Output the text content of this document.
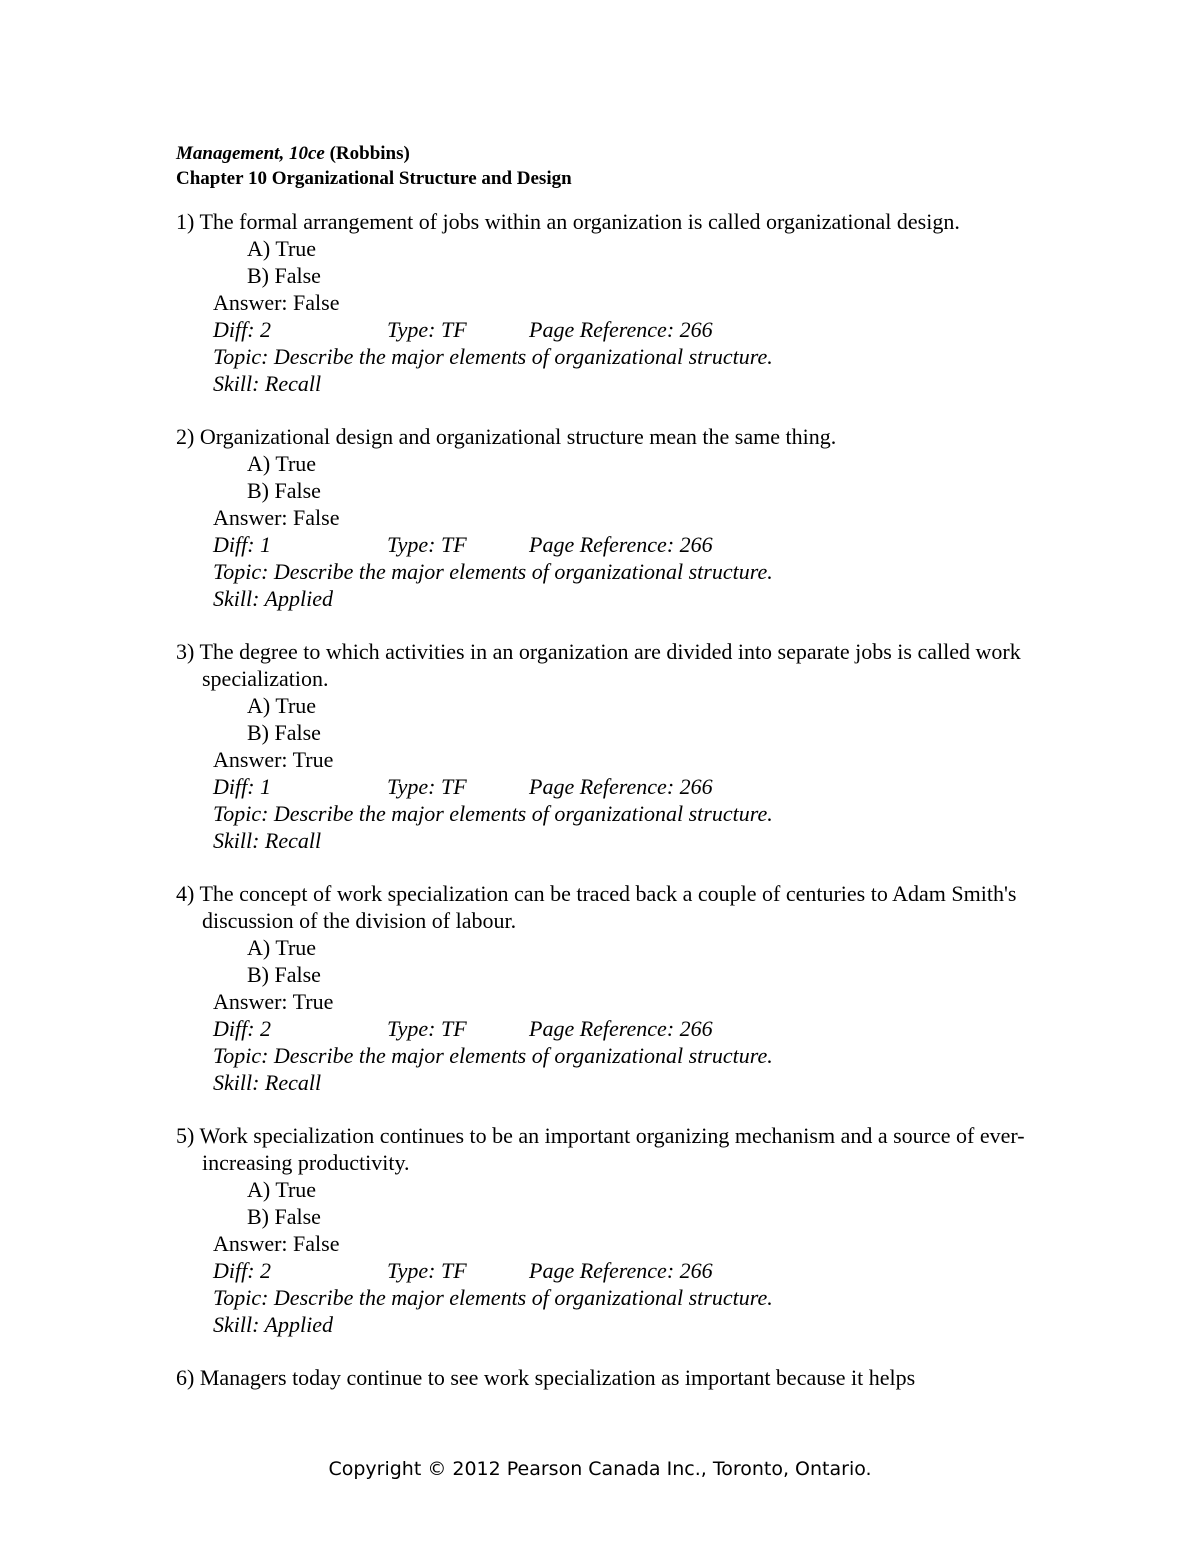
Management, 10ce (Robbins)
Chapter 10 Organizational Structure and Design
1) The formal arrangement of jobs within an organization is called organizational design.
A) True
B) False
Answer: False
Diff: 2	Type: TF	Page Reference: 266
Topic: Describe the major elements of organizational structure.
Skill: Recall
2) Organizational design and organizational structure mean the same thing.
A) True
B) False
Answer: False
Diff: 1	Type: TF	Page Reference: 266
Topic: Describe the major elements of organizational structure.
Skill: Applied
3) The degree to which activities in an organization are divided into separate jobs is called work specialization.
A) True
B) False
Answer: True
Diff: 1	Type: TF	Page Reference: 266
Topic: Describe the major elements of organizational structure.
Skill: Recall
4) The concept of work specialization can be traced back a couple of centuries to Adam Smith's discussion of the division of labour.
A) True
B) False
Answer: True
Diff: 2	Type: TF	Page Reference: 266
Topic: Describe the major elements of organizational structure.
Skill: Recall
5) Work specialization continues to be an important organizing mechanism and a source of ever-increasing productivity.
A) True
B) False
Answer: False
Diff: 2	Type: TF	Page Reference: 266
Topic: Describe the major elements of organizational structure.
Skill: Applied
6) Managers today continue to see work specialization as important because it helps
Copyright © 2012 Pearson Canada Inc., Toronto, Ontario.
